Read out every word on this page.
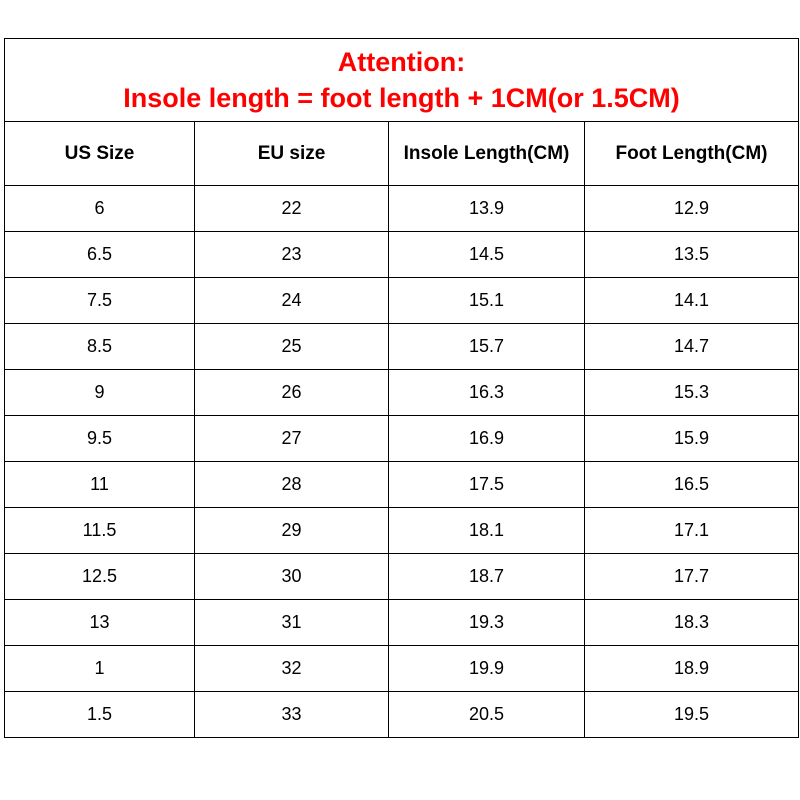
Attention:
Insole length = foot length + 1CM(or 1.5CM)			

US Size	EU size	Insole Length(CM)	Foot Length(CM)
6	22	13.9	12.9
6.5	23	14.5	13.5
7.5	24	15.1	14.1
8.5	25	15.7	14.7
9	26	16.3	15.3
9.5	27	16.9	15.9
11	28	17.5	16.5
11.5	29	18.1	17.1
12.5	30	18.7	17.7
13	31	19.3	18.3
1	32	19.9	18.9
1.5	33	20.5	19.5
